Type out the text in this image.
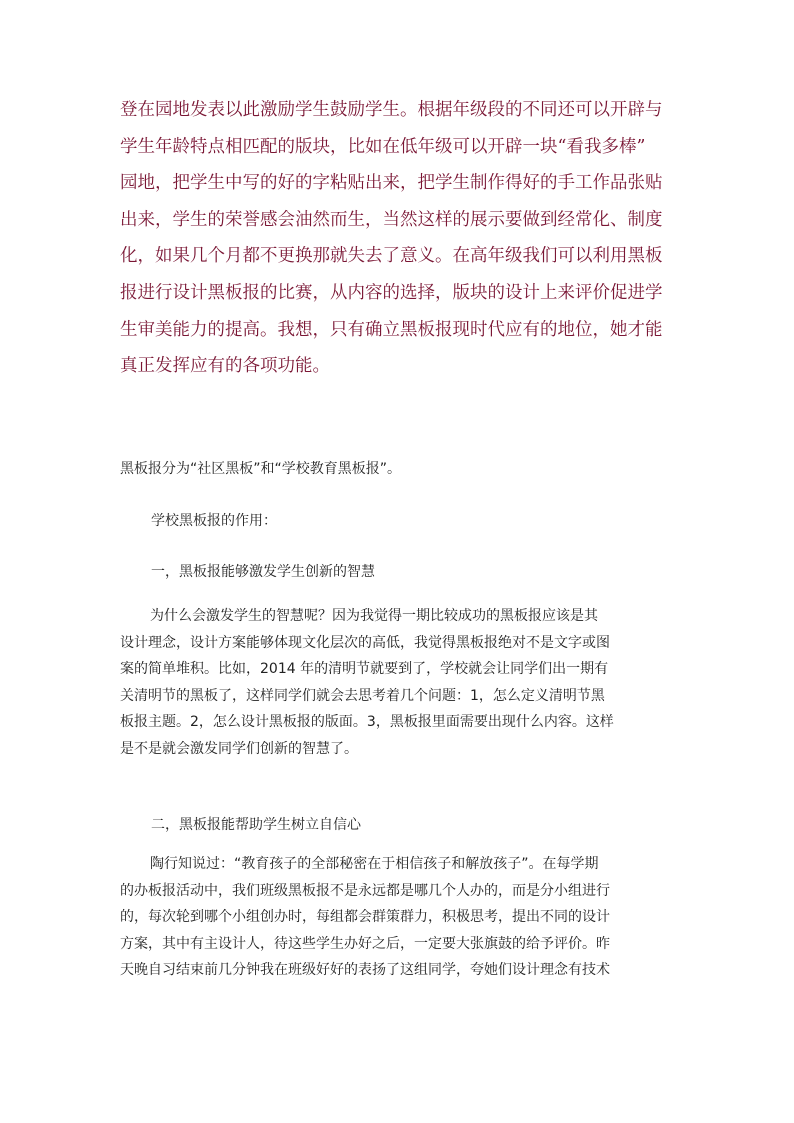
登在园地发表以此激励学生鼓励学生。根据年级段的不同还可以开辟与

学生年龄特点相匹配的版块，比如在低年级可以开辟一块“看我多棒”

园地，把学生中写的好的字粘贴出来，把学生制作得好的手工作品张贴

出来，学生的荣誉感会油然而生，当然这样的展示要做到经常化、制度

化，如果几个月都不更换那就失去了意义。在高年级我们可以利用黑板

报进行设计黑板报的比赛，从内容的选择，版块的设计上来评价促进学

生审美能力的提高。我想，只有确立黑板报现时代应有的地位，她才能

真正发挥应有的各项功能。

黑板报分为“社区黑板”和“学校教育黑板报”。

学校黑板报的作用：

一，黑板报能够激发学生创新的智慧

为什么会激发学生的智慧呢？因为我觉得一期比较成功的黑板报应该是其

设计理念，设计方案能够体现文化层次的高低，我觉得黑板报绝对不是文字或图

案的简单堆积。比如，2014 年的清明节就要到了，学校就会让同学们出一期有

关清明节的黑板了，这样同学们就会去思考着几个问题：1，怎么定义清明节黑

板报主题。2，怎么设计黑板报的版面。3，黑板报里面需要出现什么内容。这样

是不是就会激发同学们创新的智慧了。

二，黑板报能帮助学生树立自信心

陶行知说过：“教育孩子的全部秘密在于相信孩子和解放孩子”。在每学期

的办板报活动中，我们班级黑板报不是永远都是哪几个人办的，而是分小组进行

的，每次轮到哪个小组创办时，每组都会群策群力，积极思考，提出不同的设计

方案，其中有主设计人，待这些学生办好之后，一定要大张旗鼓的给予评价。昨

天晚自习结束前几分钟我在班级好好的表扬了这组同学，夸她们设计理念有技术
